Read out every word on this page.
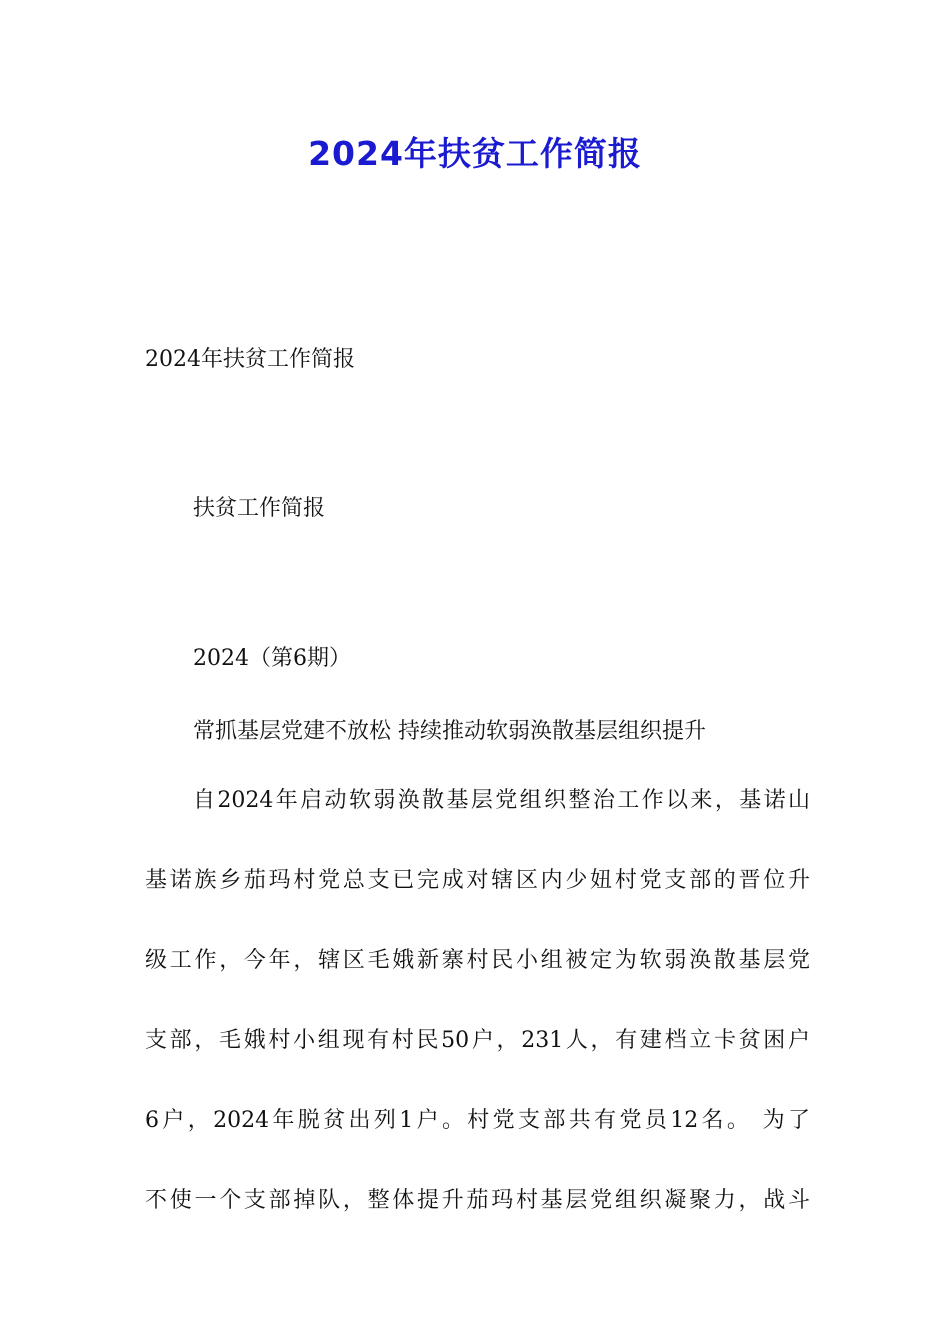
2024年扶贫工作简报

2024年扶贫工作简报

扶贫工作简报

2024（第6期）

常抓基层党建不放松 持续推动软弱涣散基层组织提升

自2024年启动软弱涣散基层党组织整治工作以来，基诺山
基诺族乡茄玛村党总支已完成对辖区内少妞村党支部的晋位升
级工作，今年，辖区毛娥新寨村民小组被定为软弱涣散基层党
支部，毛娥村小组现有村民50户，231人，有建档立卡贫困户
6户，2024年脱贫出列1户。村党支部共有党员12名。 为了
不使一个支部掉队，整体提升茄玛村基层党组织凝聚力，战斗
